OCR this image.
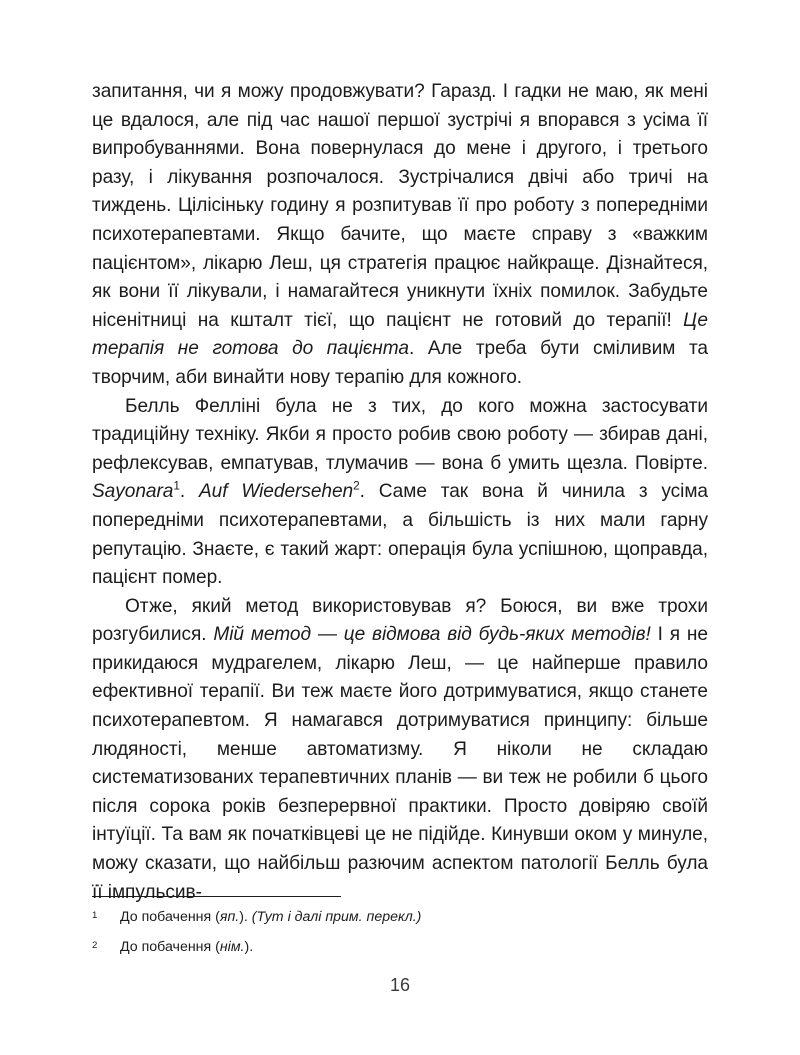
запитання, чи я можу продовжувати? Гаразд. І гадки не маю, як мені це вдалося, але під час нашої першої зустрічі я впорався з усіма її випробуваннями. Вона повернулася до мене і другого, і третього разу, і лікування розпочалося. Зустрічалися двічі або тричі на тиждень. Цілісіньку годину я розпитував її про роботу з попередніми психотерапевтами. Якщо бачите, що маєте справу з «важким пацієнтом», лікарю Леш, ця стратегія працює найкраще. Дізнайтеся, як вони її лікували, і намагайтеся уникнути їхніх помилок. Забудьте нісенітниці на кшталт тієї, що пацієнт не готовий до терапії! Це терапія не готова до пацієнта. Але треба бути сміливим та творчим, аби винайти нову терапію для кожного.

Белль Фелліні була не з тих, до кого можна застосувати традиційну техніку. Якби я просто робив свою роботу — збирав дані, рефлексував, емпатував, тлумачив — вона б умить щезла. Повірте. Sayonara$^1$. Auf Wiedersehen$^2$. Саме так вона й чинила з усіма попередніми психотерапевтами, а більшість із них мали гарну репутацію. Знаєте, є такий жарт: операція була успішною, щоправда, пацієнт помер.

Отже, який метод використовував я? Боюся, ви вже трохи розгубилися. Мій метод — це відмова від будь-яких методів! І я не прикидаюся мудрагелем, лікарю Леш, — це найперше правило ефективної терапії. Ви теж маєте його дотримуватися, якщо станете психотерапевтом. Я намагався дотримуватися принципу: більше людяності, менше автоматизму. Я ніколи не складаю систематизованих терапевтичних планів — ви теж не робили б цього після сорока років безперервної практики. Просто довіряю своїй інтуїції. Та вам як початківцеві це не підійде. Кинувши оком у минуле, можу сказати, що найбільш разючим аспектом патології Белль була її імпульсив-

1	До побачення (яп.). (Тут і далі прим. перекл.)
2	До побачення (нім.).
16
